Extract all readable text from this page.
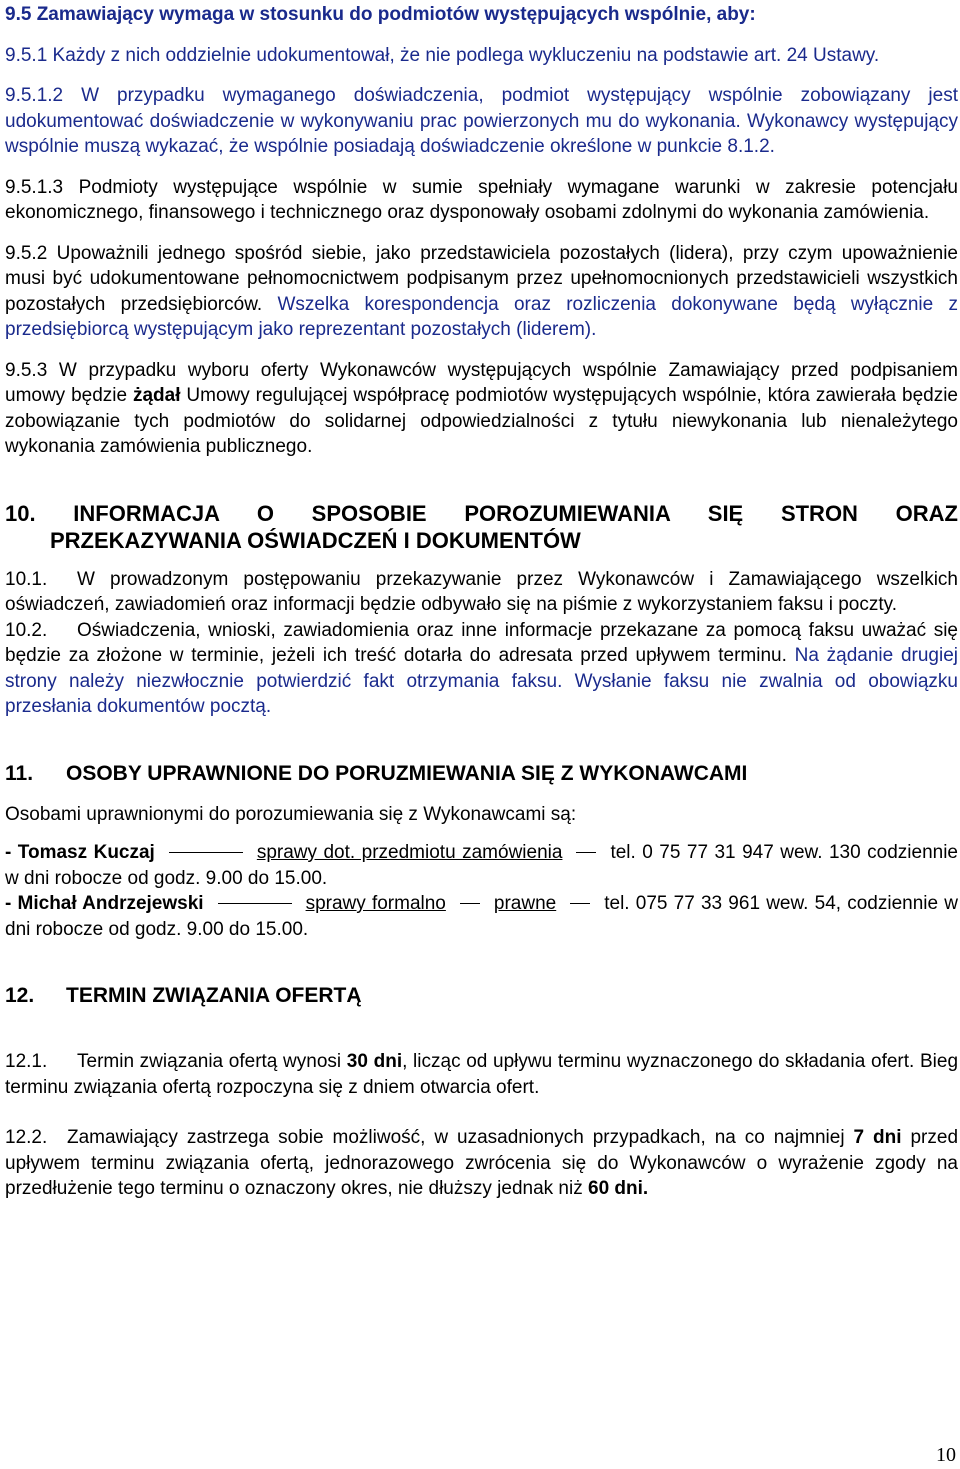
9.5 Zamawiający wymaga w stosunku do podmiotów występujących wspólnie, aby:

9.5.1 Każdy z nich oddzielnie udokumentował, że nie podlega wykluczeniu na podstawie art. 24 Ustawy.

9.5.1.2 W przypadku wymaganego doświadczenia, podmiot występujący wspólnie zobowiązany jest udokumentować doświadczenie w wykonywaniu prac powierzonych mu do wykonania. Wykonawcy występujący wspólnie muszą wykazać, że wspólnie posiadają doświadczenie określone w punkcie 8.1.2.

9.5.1.3 Podmioty występujące wspólnie w sumie spełniały wymagane warunki w zakresie potencjału ekonomicznego, finansowego i technicznego oraz dysponowały osobami zdolnymi do wykonania zamówienia.

9.5.2 Upoważnili jednego spośród siebie, jako przedstawiciela pozostałych (lidera), przy czym upoważnienie musi być udokumentowane pełnomocnictwem podpisanym przez upełnomocnionych przedstawicieli wszystkich pozostałych przedsiębiorców. Wszelka korespondencja oraz rozliczenia dokonywane będą wyłącznie z przedsiębiorcą występującym jako reprezentant pozostałych (liderem).

9.5.3 W przypadku wyboru oferty Wykonawców występujących wspólnie Zamawiający przed podpisaniem umowy będzie żądał Umowy regulującej współpracę podmiotów występujących wspólnie, która zawierała będzie zobowiązanie tych podmiotów do solidarnej odpowiedzialności z tytułu niewykonania lub nienależytego wykonania zamówienia publicznego.

10. INFORMACJA O SPOSOBIE POROZUMIEWANIA SIĘ STRON ORAZ
PRZEKAZYWANIA OŚWIADCZEŃ I DOKUMENTÓW

10.1. W prowadzonym postępowaniu przekazywanie przez Wykonawców i Zamawiającego wszelkich oświadczeń, zawiadomień oraz informacji będzie odbywało się na piśmie z wykorzystaniem faksu i poczty.

10.2. Oświadczenia, wnioski, zawiadomienia oraz inne informacje przekazane za pomocą faksu uważać się będzie za złożone w terminie, jeżeli ich treść dotarła do adresata przed upływem terminu. Na żądanie drugiej strony należy niezwłocznie potwierdzić fakt otrzymania faksu. Wysłanie faksu nie zwalnia od obowiązku przesłania dokumentów pocztą.

11. OSOBY UPRAWNIONE DO PORUZMIEWANIA SIĘ Z WYKONAWCAMI

Osobami uprawnionymi do porozumiewania się z Wykonawcami są:

- Tomasz Kuczaj	sprawy dot. przedmiotu zamówienia	tel. 0 75 77 31 947 wew. 130 codziennie w dni robocze od godz. 9.00 do 15.00.

- Michał Andrzejewski	sprawy formalno	prawne	tel. 075 77 33 961 wew. 54, codziennie w dni robocze od godz. 9.00 do 15.00.

12. TERMIN ZWIĄZANIA OFERTĄ

12.1. Termin związania ofertą wynosi 30 dni, licząc od upływu terminu wyznaczonego do składania ofert. Bieg terminu związania ofertą rozpoczyna się z dniem otwarcia ofert.

12.2. Zamawiający zastrzega sobie możliwość, w uzasadnionych przypadkach, na co najmniej 7 dni przed upływem terminu związania ofertą, jednorazowego zwrócenia się do Wykonawców o wyrażenie zgody na przedłużenie tego terminu o oznaczony okres, nie dłuższy jednak niż 60 dni.

10
